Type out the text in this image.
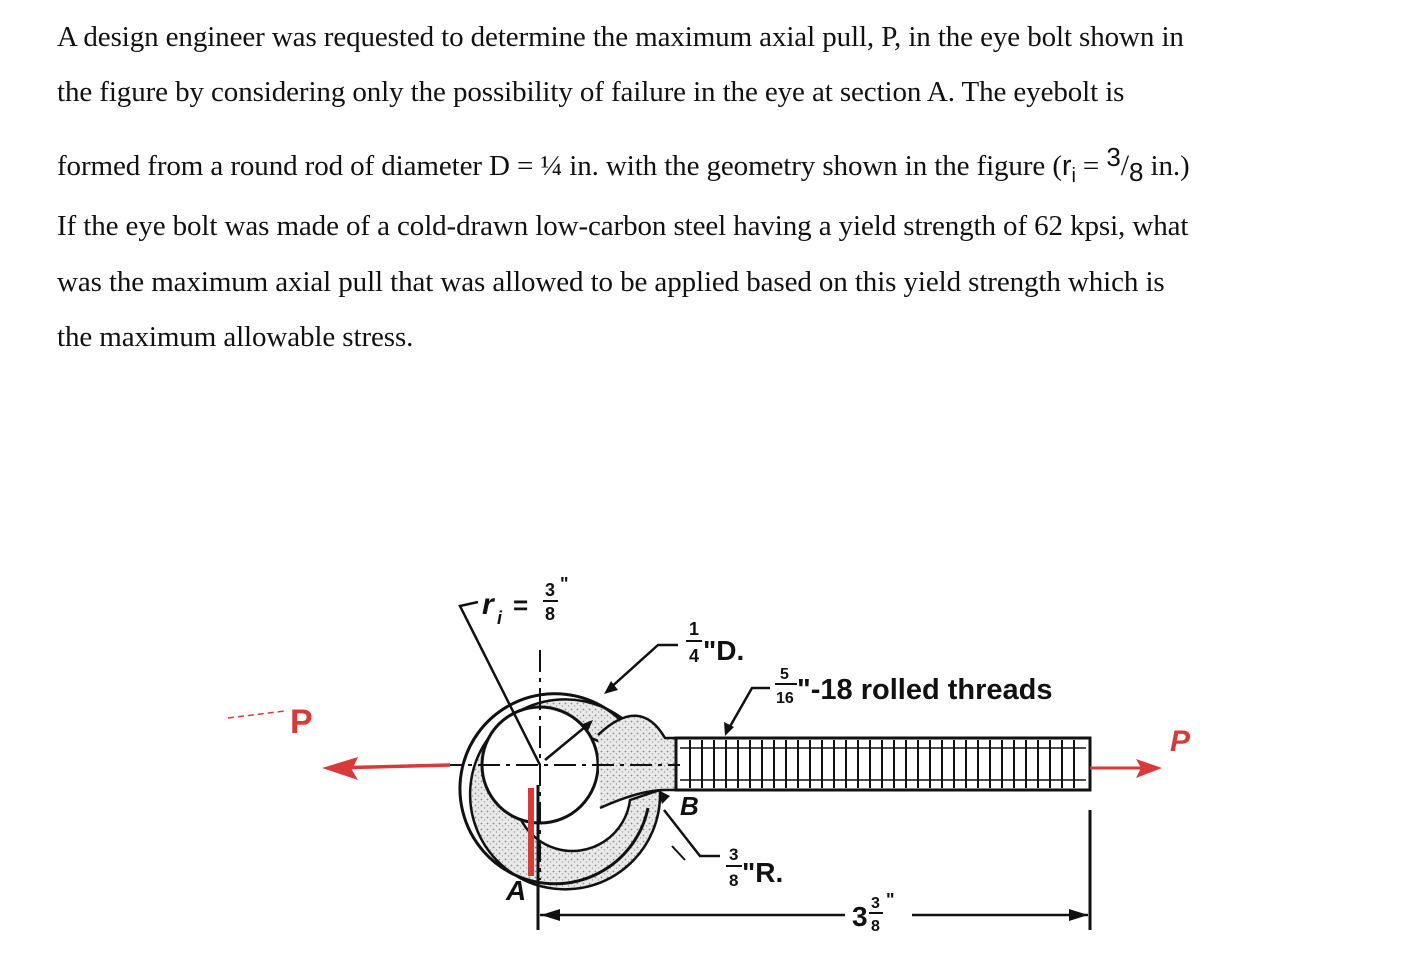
A design engineer was requested to determine the maximum axial pull, P, in the eye bolt shown in
the figure by considering only the possibility of failure in the eye at section A. The eyebolt is
formed from a round rod of diameter D = ¼ in. with the geometry shown in the figure ($r_i = 3/8$ in.)
If the eye bolt was made of a cold-drawn low-carbon steel having a yield strength of 62 kpsi, what
was the maximum axial pull that was allowed to be applied based on this yield strength which is
the maximum allowable stress.
r i = 3
8
"
1
4 "D.
5
16 "-18 rolled threads
B
3
8 "R.
A
3 3
8
"
P
P
